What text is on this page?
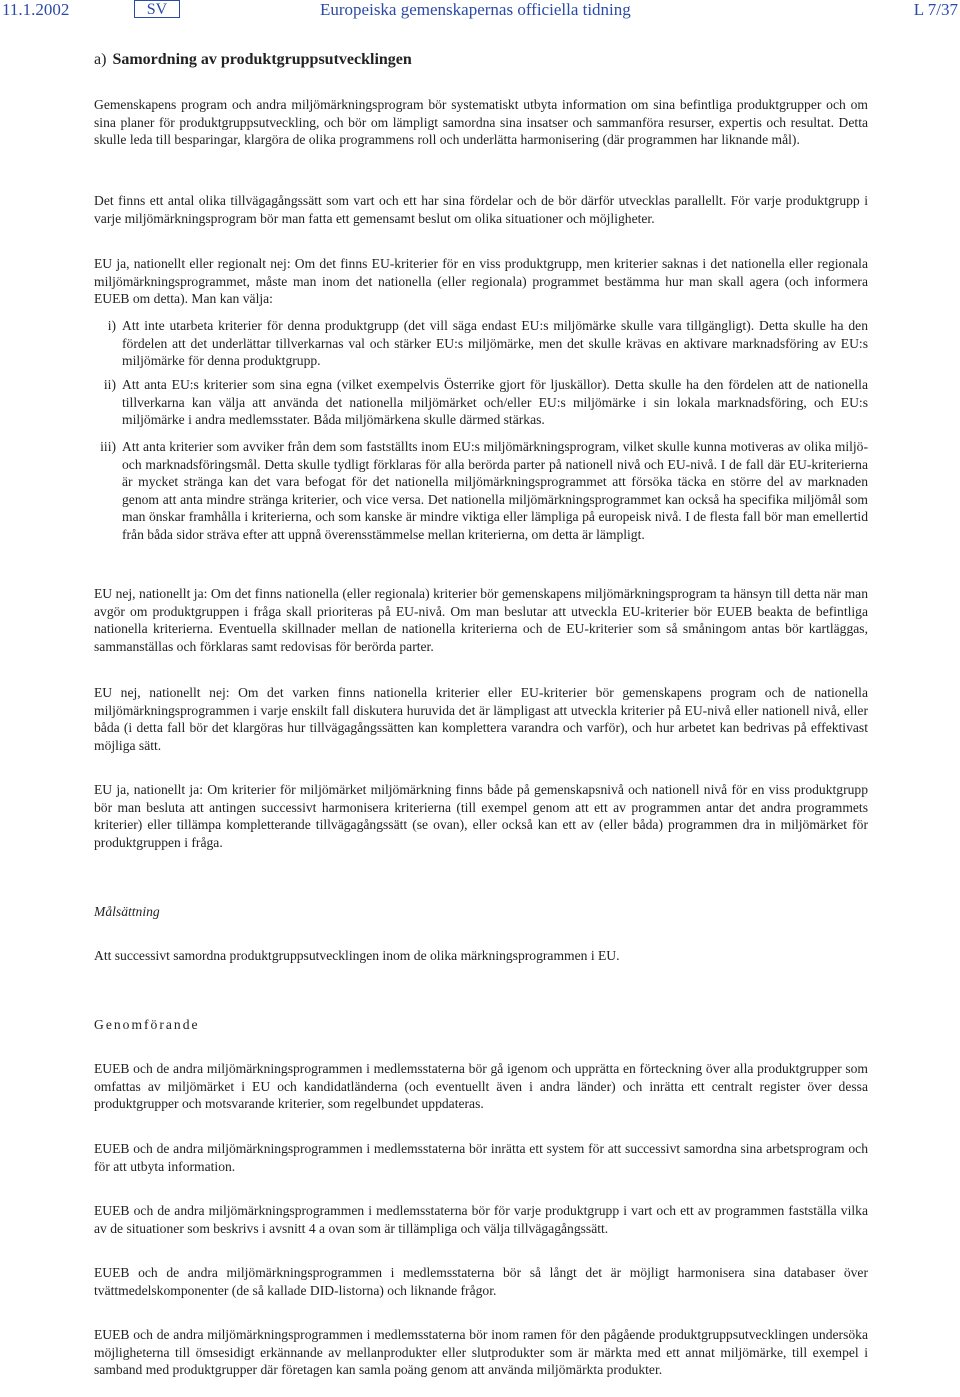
11.1.2002	SV	Europeiska gemenskapernas officiella tidning	L 7/37
a) Samordning av produktgruppsutvecklingen

Gemenskapens program och andra miljömärkningsprogram bör systematiskt utbyta information om sina befintliga produktgrupper och om sina planer för produktgruppsutveckling, och bör om lämpligt samordna sina insatser och sammanföra resurser, expertis och resultat. Detta skulle leda till besparingar, klargöra de olika programmens roll och underlätta harmonisering (där programmen har liknande mål).

Det finns ett antal olika tillvägagångssätt som vart och ett har sina fördelar och de bör därför utvecklas parallellt. För varje produktgrupp i varje miljömärkningsprogram bör man fatta ett gemensamt beslut om olika situationer och möjligheter.

EU ja, nationellt eller regionalt nej: Om det finns EU-kriterier för en viss produktgrupp, men kriterier saknas i det nationella eller regionala miljömärkningsprogrammet, måste man inom det nationella (eller regionala) programmet bestämma hur man skall agera (och informera EUEB om detta). Man kan välja:

i) Att inte utarbeta kriterier för denna produktgrupp (det vill säga endast EU:s miljömärke skulle vara tillgängligt). Detta skulle ha den fördelen att det underlättar tillverkarnas val och stärker EU:s miljömärke, men det skulle krävas en aktivare marknadsföring av EU:s miljömärke för denna produktgrupp.

ii) Att anta EU:s kriterier som sina egna (vilket exempelvis Österrike gjort för ljuskällor). Detta skulle ha den fördelen att de nationella tillverkarna kan välja att använda det nationella miljömärket och/eller EU:s miljömärke i sin lokala marknadsföring, och EU:s miljömärke i andra medlemsstater. Båda miljömärkena skulle därmed stärkas.

iii) Att anta kriterier som avviker från dem som fastställts inom EU:s miljömärkningsprogram, vilket skulle kunna motiveras av olika miljö- och marknadsföringsmål. Detta skulle tydligt förklaras för alla berörda parter på nationell nivå och EU-nivå. I de fall där EU-kriterierna är mycket stränga kan det vara befogat för det nationella miljömärkningsprogrammet att försöka täcka en större del av marknaden genom att anta mindre stränga kriterier, och vice versa. Det nationella miljömärkningsprogrammet kan också ha specifika miljömål som man önskar framhålla i kriterierna, och som kanske är mindre viktiga eller lämpliga på europeisk nivå. I de flesta fall bör man emellertid från båda sidor sträva efter att uppnå överensstämmelse mellan kriterierna, om detta är lämpligt.

EU nej, nationellt ja: Om det finns nationella (eller regionala) kriterier bör gemenskapens miljömärkningsprogram ta hänsyn till detta när man avgör om produktgruppen i fråga skall prioriteras på EU-nivå. Om man beslutar att utveckla EU-kriterier bör EUEB beakta de befintliga nationella kriterierna. Eventuella skillnader mellan de nationella kriterierna och de EU-kriterier som så småningom antas bör kartläggas, sammanställas och förklaras samt redovisas för berörda parter.

EU nej, nationellt nej: Om det varken finns nationella kriterier eller EU-kriterier bör gemenskapens program och de nationella miljömärkningsprogrammen i varje enskilt fall diskutera huruvida det är lämpligast att utveckla kriterier på EU-nivå eller nationell nivå, eller båda (i detta fall bör det klargöras hur tillvägagångssätten kan komplettera varandra och varför), och hur arbetet kan bedrivas på effektivast möjliga sätt.

EU ja, nationellt ja: Om kriterier för miljömärket miljömärkning finns både på gemenskapsnivå och nationell nivå för en viss produktgrupp bör man besluta att antingen successivt harmonisera kriterierna (till exempel genom att ett av programmen antar det andra programmets kriterier) eller tillämpa kompletterande tillvägagångssätt (se ovan), eller också kan ett av (eller båda) programmen dra in miljömärket för produktgruppen i fråga.

Målsättning

Att successivt samordna produktgruppsutvecklingen inom de olika märkningsprogrammen i EU.

Genomförande

EUEB och de andra miljömärkningsprogrammen i medlemsstaterna bör gå igenom och upprätta en förteckning över alla produktgrupper som omfattas av miljömärket i EU och kandidatländerna (och eventuellt även i andra länder) och inrätta ett centralt register över dessa produktgrupper och motsvarande kriterier, som regelbundet uppdateras.

EUEB och de andra miljömärkningsprogrammen i medlemsstaterna bör inrätta ett system för att successivt samordna sina arbetsprogram och för att utbyta information.

EUEB och de andra miljömärkningsprogrammen i medlemsstaterna bör för varje produktgrupp i vart och ett av programmen fastställa vilka av de situationer som beskrivs i avsnitt 4 a ovan som är tillämpliga och välja tillvägagångssätt.

EUEB och de andra miljömärkningsprogrammen i medlemsstaterna bör så långt det är möjligt harmonisera sina databaser över tvättmedelskomponenter (de så kallade DID-listorna) och liknande frågor.

EUEB och de andra miljömärkningsprogrammen i medlemsstaterna bör inom ramen för den pågående produktgruppsutvecklingen undersöka möjligheterna till ömsesidigt erkännande av mellanprodukter eller slutprodukter som är märkta med ett annat miljömärke, till exempel i samband med produktgrupper där företagen kan samla poäng genom att använda miljömärkta produkter.
